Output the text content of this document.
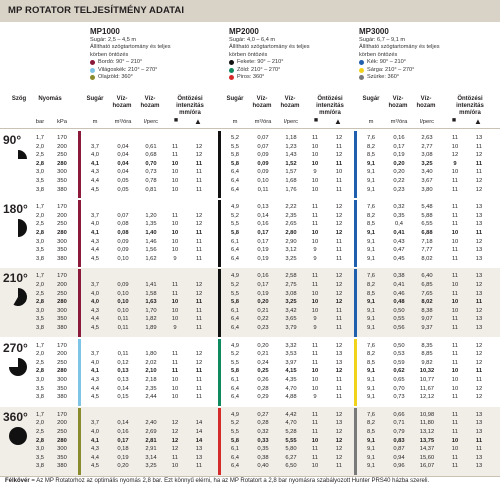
MP ROTATOR TELJESÍTMÉNY ADATAI
MP1000
Sugár: 2,5 – 4,5 m
Állítható szögtartomány és teljes
körben öntözés
Bordó: 90° – 210°
Világoskék: 210° – 270°
Olajzöld: 360°
MP2000
Sugár: 4,0 – 6,4 m
Állítható szögtartomány és teljes
körben öntözés
Fekete: 90° – 210°
Zöld: 210° – 270°
Piros: 360°
MP3000
Sugár: 6,7 – 9,1 m
Állítható szögtartomány és teljes
körben öntözés
Kék: 90° – 210°
Sárga: 210° – 270°
Szürke: 360°
Szög	Nyomás	Sugár	Víz-
hozam
Víz-
hozam
Öntözési
intenzitás
mm/óra
Sugár	Víz-
hozam
Víz-
hozam
Öntözési
intenzitás
mm/óra
Sugár	Víz-
hozam
Víz-
hozam
Öntözési
intenzitás
mm/óra
bar	kPa	m	m³/óra	l/perc	■	▲	m	m³/óra	l/perc	■	▲	m	m³/óra	l/perc	■	▲
90°	1,7	170	5,2	0,07	1,18	11	12	7,6	0,16	2,63	11	13
2,0	200	3,7	0,04	0,61	11	12	5,5	0,07	1,23	10	11	8,2	0,17	2,77	10	11
2,5	250	4,0	0,04	0,68	11	12	5,8	0,09	1,43	10	12	8,5	0,19	3,08	12	12
2,8	280	4,1	0,04	0,70	10	11	5,8	0,09	1,52	10	11	9,1	0,20	3,25	9	11
3,0	300	4,3	0,04	0,73	10	11	6,4	0,09	1,57	9	10	9,1	0,20	3,40	10	11
3,5	350	4,4	0,05	0,78	10	11	6,4	0,10	1,68	10	11	9,1	0,22	3,67	11	12
3,8	380	4,5	0,05	0,81	10	11	6,4	0,11	1,76	10	11	9,1	0,23	3,80	11	12
180°	1,7	170	4,9	0,13	2,22	11	12	7,6	0,32	5,48	11	13
2,0	200	3,7	0,07	1,20	11	12	5,2	0,14	2,35	11	12	8,2	0,35	5,88	11	13
2,5	250	4,0	0,08	1,35	10	12	5,5	0,16	2,65	11	12	8,5	0,4	6,55	11	13
2,8	280	4,1	0,08	1,40	10	11	5,8	0,17	2,80	10	12	9,1	0,41	6,88	10	11
3,0	300	4,3	0,09	1,46	10	11	6,1	0,17	2,90	10	11	9,1	0,43	7,18	10	12
3,5	350	4,4	0,09	1,56	10	11	6,4	0,19	3,12	9	11	9,1	0,47	7,77	11	13
3,8	380	4,5	0,10	1,62	9	11	6,4	0,19	3,25	9	11	9,1	0,45	8,02	11	13
210°	1,7	170	4,9	0,16	2,58	11	12	7,6	0,38	6,40	11	13
2,0	200	3,7	0,09	1,41	11	12	5,2	0,17	2,75	11	12	8,2	0,41	6,85	10	12
2,5	250	4,0	0,10	1,58	11	12	5,5	0,19	3,08	10	12	8,5	0,46	7,65	11	13
2,8	280	4,0	0,10	1,63	10	11	5,8	0,20	3,25	10	12	9,1	0,48	8,02	10	11
3,0	300	4,3	0,10	1,70	10	11	6,1	0,21	3,42	10	11	9,1	0,50	8,38	10	12
3,5	350	4,4	0,11	1,82	10	11	6,4	0,22	3,65	9	11	9,1	0,55	9,07	11	13
3,8	380	4,5	0,11	1,89	9	11	6,4	0,23	3,79	9	11	9,1	0,56	9,37	11	13
270°	1,7	170	4,9	0,20	3,32	11	12	7,6	0,50	8,35	11	12
2,0	200	3,7	0,11	1,80	11	12	5,2	0,21	3,53	11	13	8,2	0,53	8,85	11	12
2,5	250	4,0	0,12	2,02	11	12	5,5	0,24	3,97	11	13	8,5	0,59	9,82	11	12
2,8	280	4,1	0,13	2,10	11	11	5,8	0,25	4,15	10	12	9,1	0,62	10,32	10	11
3,0	300	4,3	0,13	2,18	10	11	6,1	0,26	4,35	10	11	9,1	0,65	10,77	10	11
3,5	350	4,4	0,14	2,35	10	11	6,4	0,28	4,70	10	11	9,1	0,70	11,67	10	12
3,8	380	4,5	0,15	2,44	10	11	6,4	0,29	4,88	9	11	9,1	0,73	12,12	11	12
360°	1,7	170	4,9	0,27	4,42	11	12	7,6	0,66	10,98	11	13
2,0	200	3,7	0,14	2,40	12	14	5,2	0,28	4,70	11	13	8,2	0,71	11,80	11	13
2,5	250	4,0	0,16	2,69	12	14	5,5	0,32	5,28	11	12	8,5	0,79	13,12	11	13
2,8	280	4,1	0,17	2,81	12	14	5,8	0,33	5,55	10	12	9,1	0,83	13,75	10	11
3,0	300	4,3	0,18	2,91	12	13	6,1	0,35	5,80	11	12	9,1	0,87	14,37	10	11
3,5	350	4,4	0,19	3,14	11	13	6,4	0,38	6,27	11	12	9,1	0,94	15,60	11	13
3,8	380	4,5	0,20	3,25	10	11	6,4	0,40	6,50	10	11	9,1	0,96	16,07	11	13
Félkövér = Az MP Rotatorhoz az optimális nyomás 2,8 bar. Ezt könnyű elérni, ha az MP Rotatort a 2,8 bar nyomásra szabályozott Hunter PRS40 házba szereli.
